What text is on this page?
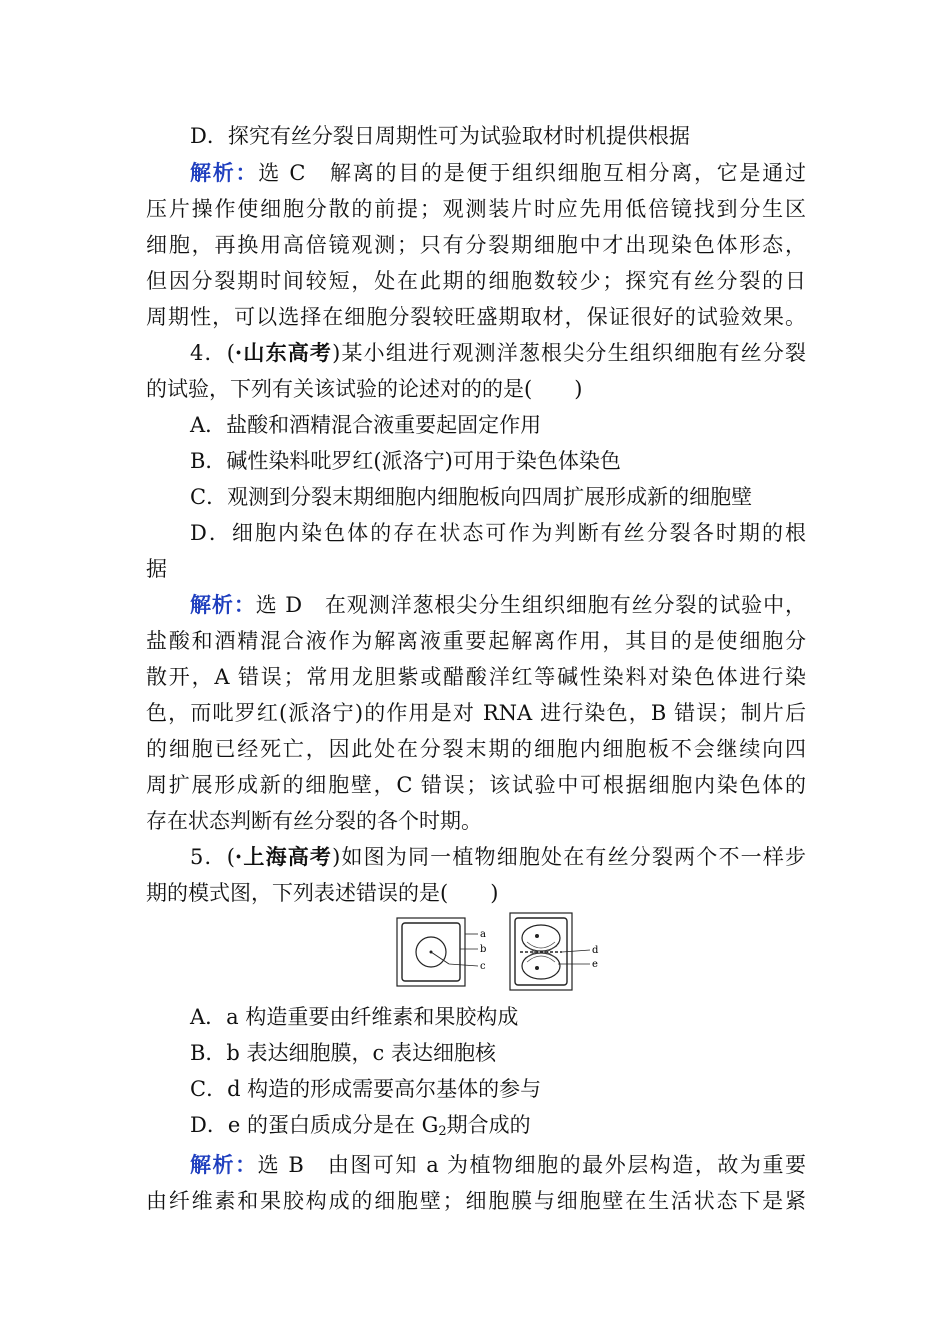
D．探究有丝分裂日周期性可为试验取材时机提供根据
解析：选 C　解离的目的是便于组织细胞互相分离，它是通过
压片操作使细胞分散的前提；观测装片时应先用低倍镜找到分生区
细胞，再换用高倍镜观测；只有分裂期细胞中才出现染色体形态，
但因分裂期时间较短，处在此期的细胞数较少；探究有丝分裂的日
周期性，可以选择在细胞分裂较旺盛期取材，保证很好的试验效果。
4．(·山东高考)某小组进行观测洋葱根尖分生组织细胞有丝分裂
的试验，下列有关该试验的论述对的的是(　　)
A．盐酸和酒精混合液重要起固定作用
B．碱性染料吡罗红(派洛宁)可用于染色体染色
C．观测到分裂末期细胞内细胞板向四周扩展形成新的细胞壁
D．细胞内染色体的存在状态可作为判断有丝分裂各时期的根
据
解析：选 D　在观测洋葱根尖分生组织细胞有丝分裂的试验中，
盐酸和酒精混合液作为解离液重要起解离作用，其目的是使细胞分
散开，A 错误；常用龙胆紫或醋酸洋红等碱性染料对染色体进行染
色，而吡罗红(派洛宁)的作用是对 RNA 进行染色，B 错误；制片后
的细胞已经死亡，因此处在分裂末期的细胞内细胞板不会继续向四
周扩展形成新的细胞壁，C 错误；该试验中可根据细胞内染色体的
存在状态判断有丝分裂的各个时期。
5．(·上海高考)如图为同一植物细胞处在有丝分裂两个不一样步
期的模式图，下列表述错误的是(　　)
a
b
c
d
e
A．a 构造重要由纤维素和果胶构成
B．b 表达细胞膜，c 表达细胞核
C．d 构造的形成需要高尔基体的参与
D．e 的蛋白质成分是在 $G_2$期合成的
解析：选 B　由图可知 a 为植物细胞的最外层构造，故为重要
由纤维素和果胶构成的细胞壁；细胞膜与细胞壁在生活状态下是紧
